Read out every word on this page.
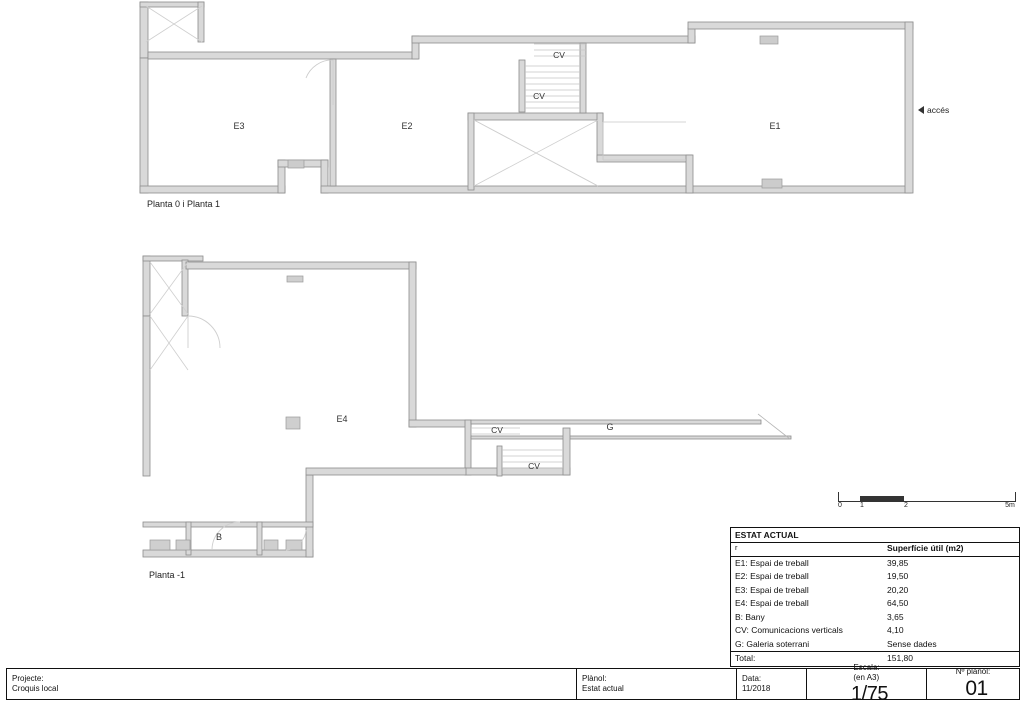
E3	E2	E1
CV
CV
accés
Planta 0 i Planta 1
E4
G
B
CV
CV
Planta -1
0	1	2	5m
ESTAT ACTUAL
r	Superfície útil (m2)
E1: Espai de treball	39,85
E2: Espai de treball	19,50
E3: Espai de treball	20,20
E4: Espai de treball	64,50
B: Bany	3,65
CV: Comunicacions verticals	4,10
G: Galeria soterrani	Sense dades
Total:	151,80
Projecte:
Croquis local
Plànol:
Estat actual
Data:
11/2018
Escala:
(en A3)
1/75
Nº plànol:
01
